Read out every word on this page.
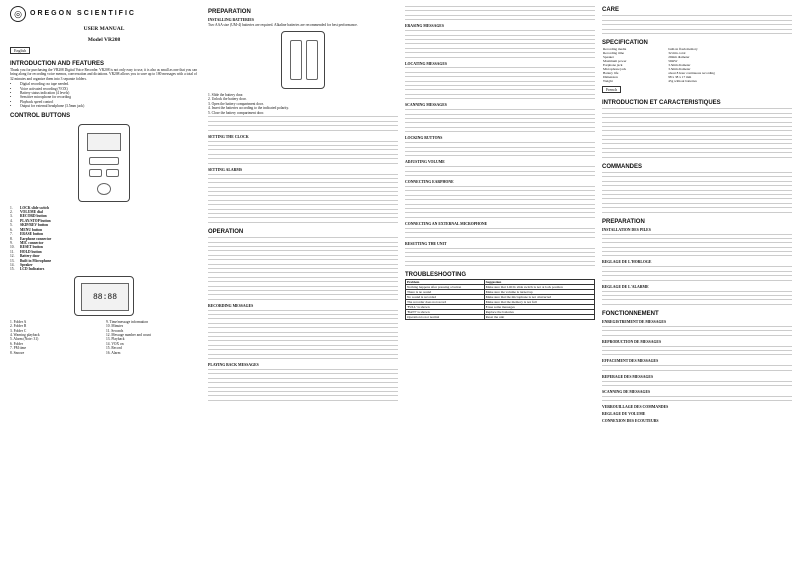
◎	OREGON SCIENTIFIC
USER MANUAL
Model VR208
English
INTRODUCTION AND FEATURES

Thank you for purchasing the VR208 Digital Voice Recorder. VR208 is not only easy to use, it is also as small as one that you can bring along for recording voice memos, conversation and dictations. VR208 allows you to save up to 180 messages with a total of 32 minutes and organize them into 3 separate folders.

•	Digital recording: no tape needed.
•	Voice activated recording (VOX)
•	Battery status indication (4 levels)
•	Sensitive microphone for recording
•	Playback speed control
•	Output for external headphone (3.5mm jack)
CONTROL BUTTONS
1.	LOCK slide switch
2.	VOLUME dial
3.	RECORD button
4.	PLAY/STOP button
5.	SKIP/REV button
6.	MENU button
7.	ERASE button
8.	Earphone connector
9.	MIC connector
10.	RESET button
11.	HOLD button
12.	Battery door
13.	Built in Microphone
14.	Speaker
15.	LCD Indicators
88:88
1. Folder A	9. Time/message information
2. Folder B	10. Minutes
3. Folder C	11. Seconds
4. Warning playback	12. Message number and count
5. Alarm (Note: 31)	13. Playback
6. Folder	14. VOX on
7. PM time	15. Record
8. Snooze	16. Alarm
PREPARATION
INSTALLING BATTERIES

Two AAA size (UM-4) batteries are required. Alkaline batteries are recommended for best performance.

1. Slide the battery door.
2. Unlock the battery door.
3. Open the battery compartment door.
4. Insert the batteries according to the indicated polarity.
5. Close the battery compartment door.
SETTING THE CLOCK
SETTING ALARMS
OPERATION
RECORDING MESSAGES
PLAYING BACK MESSAGES
ERASING MESSAGES
LOCATING MESSAGES
SCANNING MESSAGES
LOCKING BUTTONS
ADJUSTING VOLUME
CONNECTING EARPHONE
CONNECTING AN EXTERNAL MICROPHONE
RESETTING THE UNIT
TROUBLESHOOTING
Problem	Suggestion
Nothing happens after pressing a button	Make sure that LOCK slide switch is not at lock position
There is no sound	Make sure the volume is turned up
No sound is recorded	Make sure that the microphone is not obstructed
The recorder does not record	Make sure that the memory is not full
'FULL' is shown	Erase some messages
'BATT' is shown	Replace the batteries
Operation is not normal	Reset the unit
CARE
SPECIFICATION
Recording media	built-in flash memory
Recording time	32 min. total
Speaker	20mm diameter
Maximum power	50mW
Earphone jack	3.5mm diameter
Microphone jack	3.5mm diameter
Battery life	about 8 hour continuous recording
Dimension	98 x 38 x 17 mm
Weight	45g without batteries
French
INTRODUCTION ET CARACTERISTIQUES
COMMANDES
PREPARATION
INSTALLATION DES PILES
REGLAGE DE L'HORLOGE
REGLAGE DE L'ALARME
FONCTIONNEMENT
ENREGISTREMENT DE MESSAGES
REPRODUCTION DE MESSAGES
EFFACEMENT DES MESSAGES
REPERAGE DES MESSAGES
SCANNING DE MESSAGES
VERROUILLAGE DES COMMANDES
REGLAGE DU VOLUME
CONNEXION DES ECOUTEURS
